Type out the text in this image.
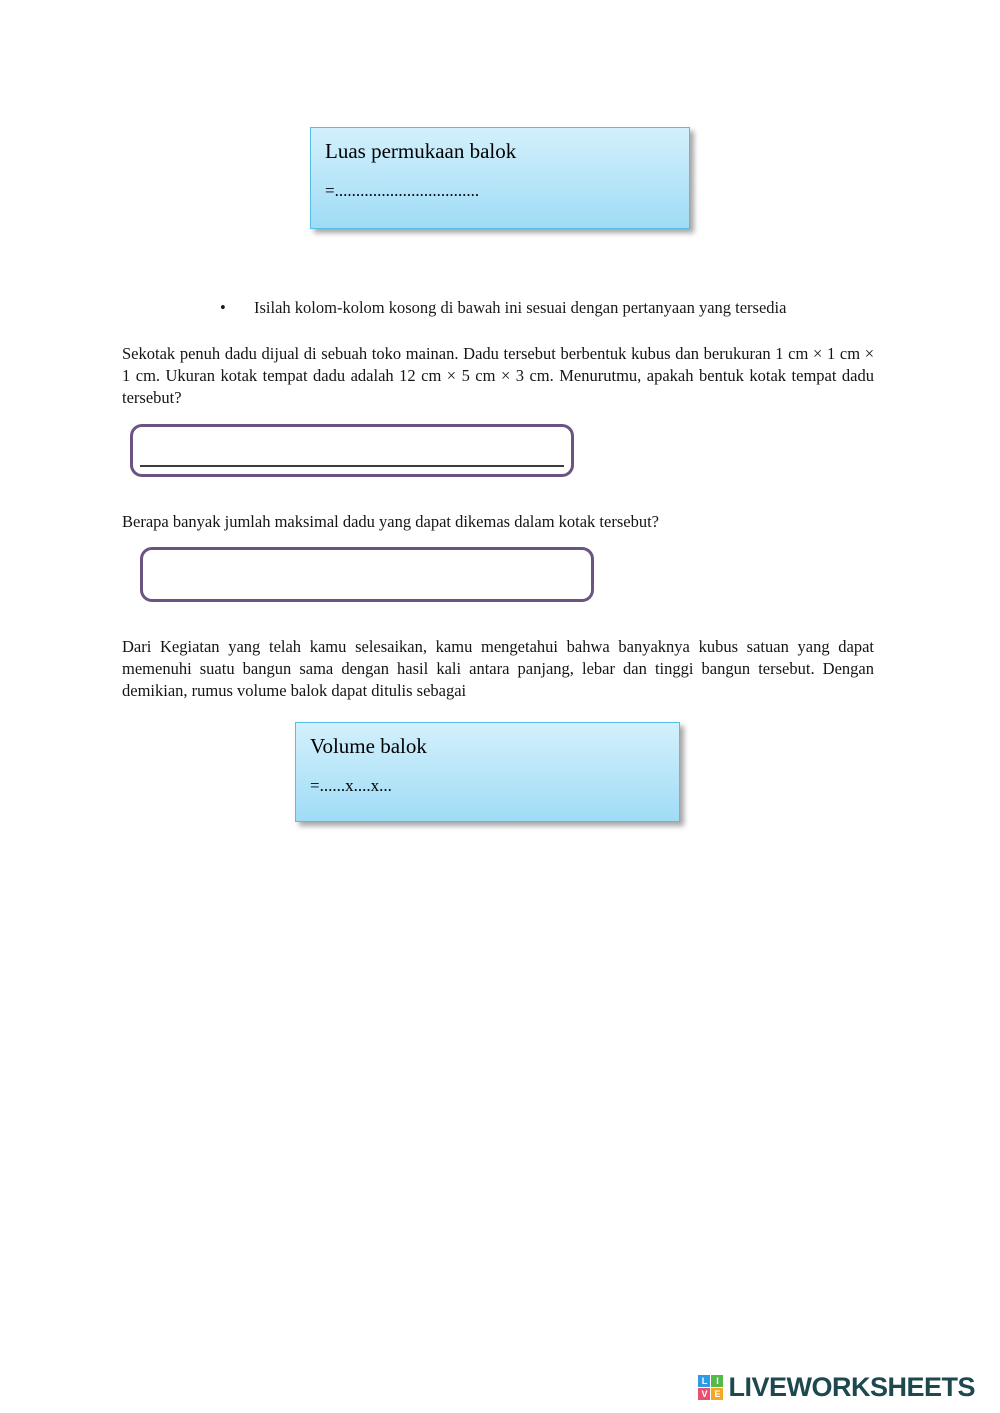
Luas permukaan balok
=..................................
•	Isilah kolom-kolom kosong di bawah ini sesuai dengan pertanyaan yang tersedia
Sekotak penuh dadu dijual di sebuah toko mainan. Dadu tersebut berbentuk kubus dan berukuran 1 cm × 1 cm × 1 cm. Ukuran kotak tempat dadu adalah 12 cm × 5 cm × 3 cm. Menurutmu, apakah bentuk kotak tempat dadu tersebut?
Berapa banyak jumlah maksimal dadu yang dapat dikemas dalam kotak tersebut?
Dari Kegiatan yang telah kamu selesaikan, kamu mengetahui bahwa banyaknya kubus satuan yang dapat memenuhi suatu bangun sama dengan hasil kali antara panjang, lebar dan tinggi bangun tersebut. Dengan demikian, rumus volume balok dapat ditulis sebagai
Volume balok
=......x....x...
L I
V E LIVEWORKSHEETS
